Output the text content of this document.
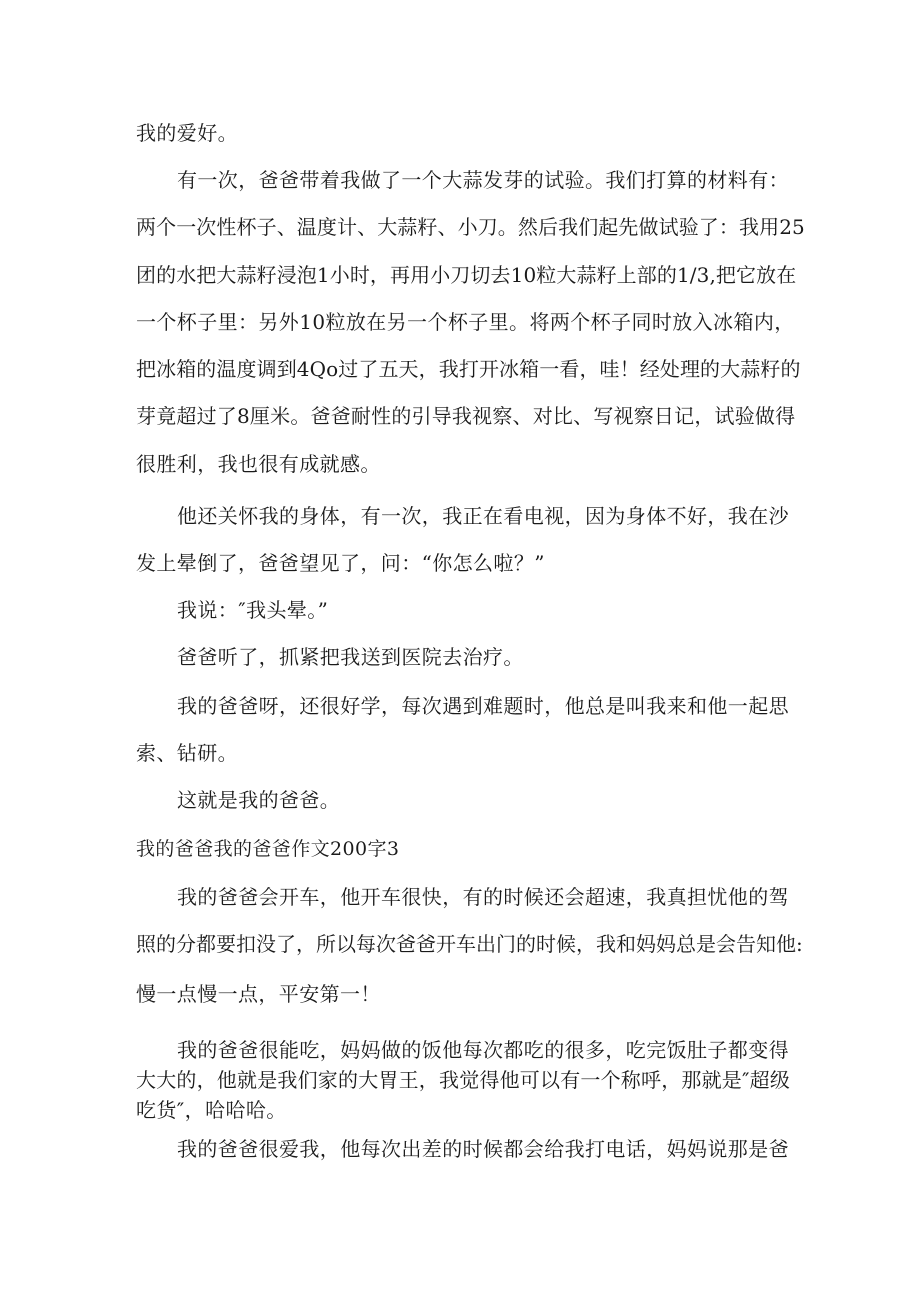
我的爱好。
有一次，爸爸带着我做了一个大蒜发芽的试验。我们打算的材料有：
两个一次性杯子、温度计、大蒜籽、小刀。然后我们起先做试验了：我用25
团的水把大蒜籽浸泡1小时，再用小刀切去10粒大蒜籽上部的1/3,把它放在
一个杯子里：另外10粒放在另一个杯子里。将两个杯子同时放入冰箱内，
把冰箱的温度调到4Qo过了五天，我打开冰箱一看，哇！经处理的大蒜籽的
芽竟超过了8厘米。爸爸耐性的引导我视察、对比、写视察日记，试验做得
很胜利，我也很有成就感。
他还关怀我的身体，有一次，我正在看电视，因为身体不好，我在沙
发上晕倒了，爸爸望见了，问：“你怎么啦？”
我说：″我头晕。”
爸爸听了，抓紧把我送到医院去治疗。
我的爸爸呀，还很好学，每次遇到难题时，他总是叫我来和他一起思
索、钻研。
这就是我的爸爸。
我的爸爸我的爸爸作文200字3
我的爸爸会开车，他开车很快，有的时候还会超速，我真担忧他的驾
照的分都要扣没了，所以每次爸爸开车出门的时候，我和妈妈总是会告知他:
慢一点慢一点，平安第一！
我的爸爸很能吃，妈妈做的饭他每次都吃的很多，吃完饭肚子都变得
大大的，他就是我们家的大胃王，我觉得他可以有一个称呼，那就是″超级
吃货″，哈哈哈。
我的爸爸很爱我，他每次出差的时候都会给我打电话，妈妈说那是爸
